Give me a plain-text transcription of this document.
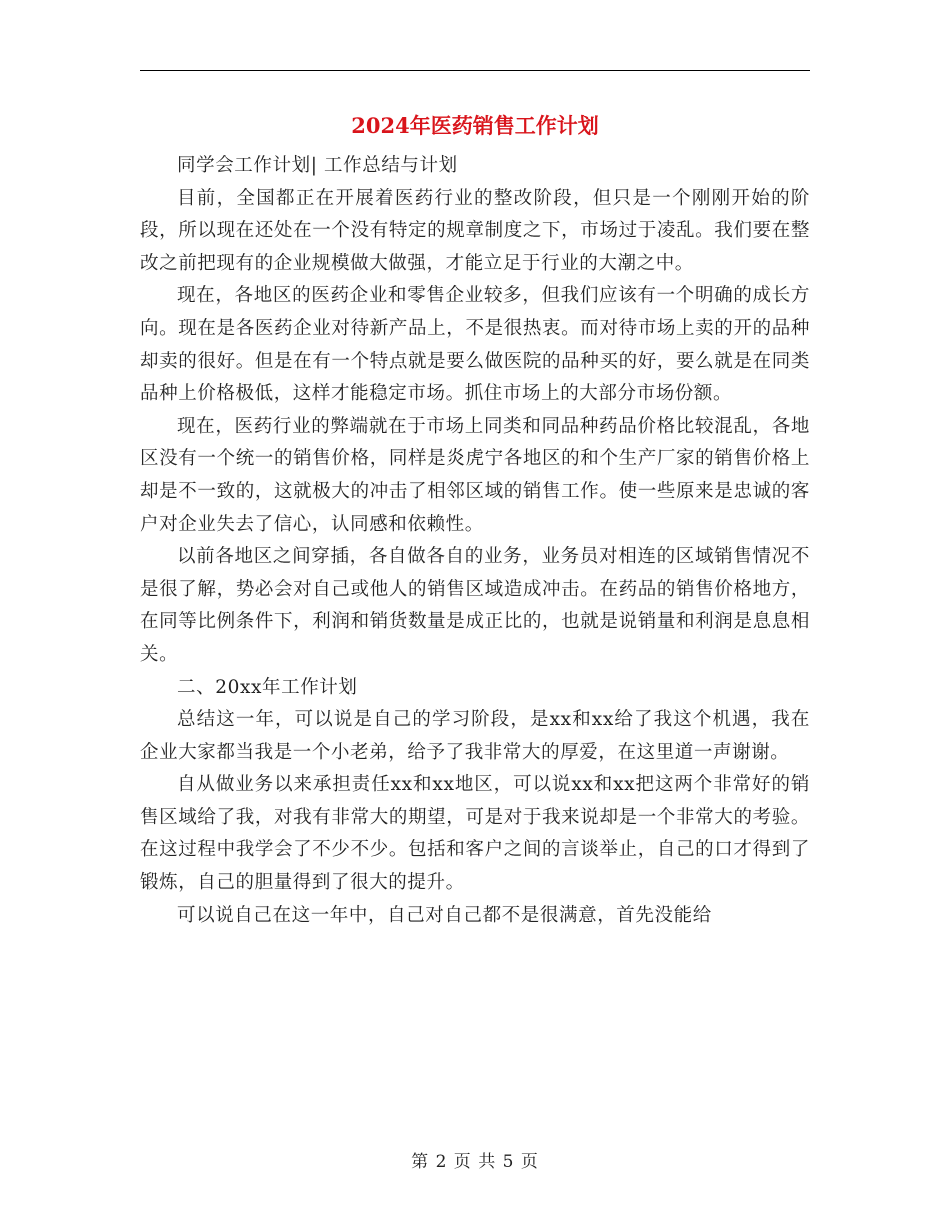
2024年医药销售工作计划

同学会工作计划| 工作总结与计划

目前，全国都正在开展着医药行业的整改阶段，但只是一个刚刚开始的阶段，所以现在还处在一个没有特定的规章制度之下，市场过于凌乱。我们要在整改之前把现有的企业规模做大做强，才能立足于行业的大潮之中。

现在，各地区的医药企业和零售企业较多，但我们应该有一个明确的成长方向。现在是各医药企业对待新产品上，不是很热衷。而对待市场上卖的开的品种却卖的很好。但是在有一个特点就是要么做医院的品种买的好，要么就是在同类品种上价格极低，这样才能稳定市场。抓住市场上的大部分市场份额。

现在，医药行业的弊端就在于市场上同类和同品种药品价格比较混乱，各地区没有一个统一的销售价格，同样是炎虎宁各地区的和个生产厂家的销售价格上却是不一致的，这就极大的冲击了相邻区域的销售工作。使一些原来是忠诚的客户对企业失去了信心，认同感和依赖性。

以前各地区之间穿插，各自做各自的业务，业务员对相连的区域销售情况不是很了解，势必会对自己或他人的销售区域造成冲击。在药品的销售价格地方，在同等比例条件下，利润和销货数量是成正比的，也就是说销量和利润是息息相关。

二、20xx年工作计划

总结这一年，可以说是自己的学习阶段，是xx和xx给了我这个机遇，我在企业大家都当我是一个小老弟，给予了我非常大的厚爱，在这里道一声谢谢。

自从做业务以来承担责任xx和xx地区，可以说xx和xx把这两个非常好的销售区域给了我，对我有非常大的期望，可是对于我来说却是一个非常大的考验。在这过程中我学会了不少不少。包括和客户之间的言谈举止，自己的口才得到了锻炼，自己的胆量得到了很大的提升。

可以说自己在这一年中，自己对自己都不是很满意，首先没能给

第 2 页 共 5 页
